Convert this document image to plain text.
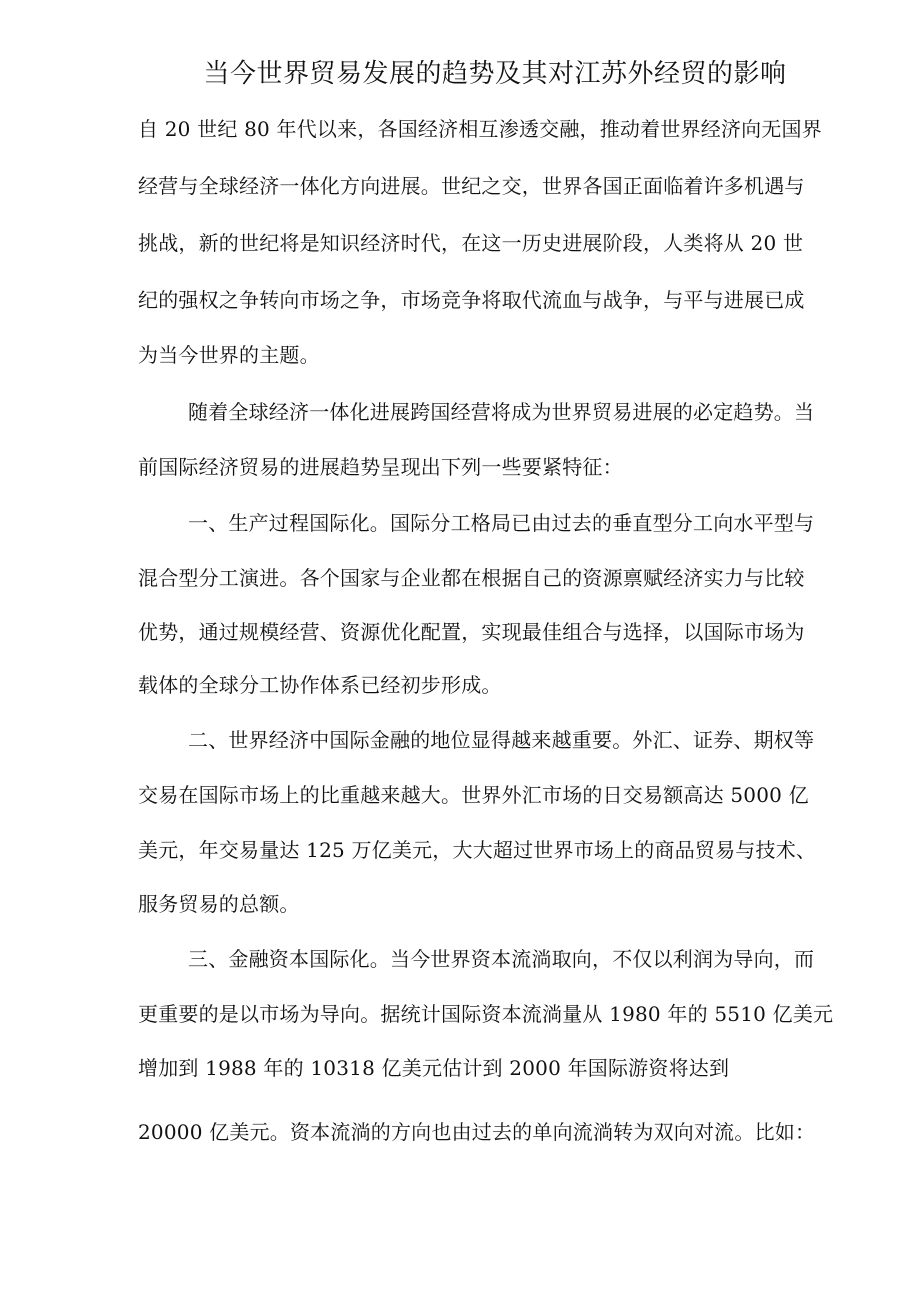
当今世界贸易发展的趋势及其对江苏外经贸的影响
自 20 世纪 80 年代以来，各国经济相互渗透交融，推动着世界经济向无国界
经营与全球经济一体化方向进展。世纪之交，世界各国正面临着许多机遇与
挑战，新的世纪将是知识经济时代，在这一历史进展阶段，人类将从 20 世
纪的强权之争转向市场之争，市场竞争将取代流血与战争，与平与进展已成
为当今世界的主题。
随着全球经济一体化进展跨国经营将成为世界贸易进展的必定趋势。当
前国际经济贸易的进展趋势呈现出下列一些要紧特征：
一、生产过程国际化。国际分工格局已由过去的垂直型分工向水平型与
混合型分工演进。各个国家与企业都在根据自己的资源禀赋经济实力与比较
优势，通过规模经营、资源优化配置，实现最佳组合与选择，以国际市场为
载体的全球分工协作体系已经初步形成。
二、世界经济中国际金融的地位显得越来越重要。外汇、证券、期权等
交易在国际市场上的比重越来越大。世界外汇市场的日交易额高达 5000 亿
美元，年交易量达 125 万亿美元，大大超过世界市场上的商品贸易与技术、
服务贸易的总额。
三、金融资本国际化。当今世界资本流淌取向，不仅以利润为导向，而
更重要的是以市场为导向。据统计国际资本流淌量从 1980 年的 5510 亿美元
增加到 1988 年的 10318 亿美元估计到 2000 年国际游资将达到
20000 亿美元。资本流淌的方向也由过去的单向流淌转为双向对流。比如：
